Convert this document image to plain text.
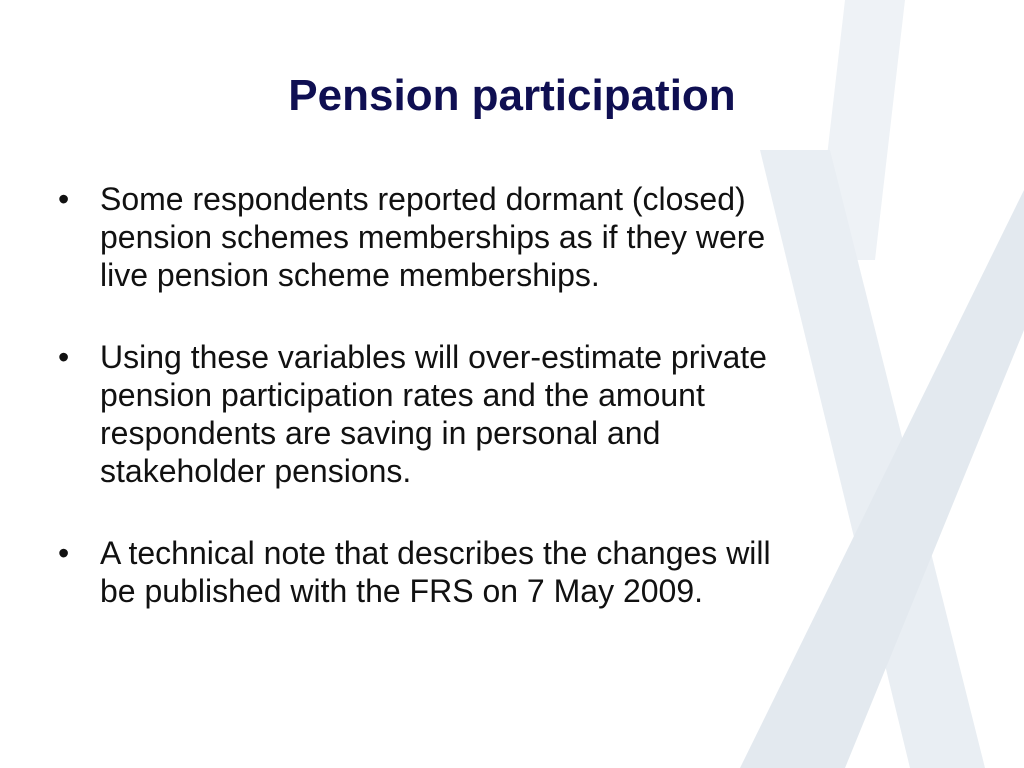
Pension participation
• Some respondents reported dormant (closed)
pension schemes memberships as if they were
live pension scheme memberships.
• Using these variables will over-estimate private
pension participation rates and the amount
respondents are saving in personal and
stakeholder pensions.
• A technical note that describes the changes will
be published with the FRS on 7 May 2009.
